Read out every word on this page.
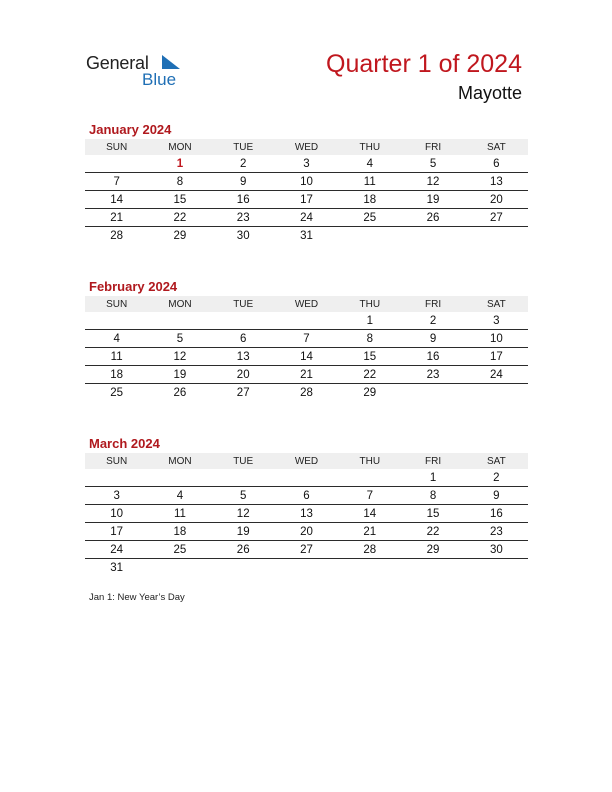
General
Blue
Quarter 1 of 2024
Mayotte
January 2024
SUN	MON	TUE	WED	THU	FRI	SAT
	1	2	3	4	5	6
7	8	9	10	11	12	13
14	15	16	17	18	19	20
21	22	23	24	25	26	27
28	29	30	31			
February 2024
SUN	MON	TUE	WED	THU	FRI	SAT
				1	2	3
4	5	6	7	8	9	10
11	12	13	14	15	16	17
18	19	20	21	22	23	24
25	26	27	28	29		
March 2024
SUN	MON	TUE	WED	THU	FRI	SAT
					1	2
3	4	5	6	7	8	9
10	11	12	13	14	15	16
17	18	19	20	21	22	23
24	25	26	27	28	29	30
31						
Jan 1: New Year’s Day
